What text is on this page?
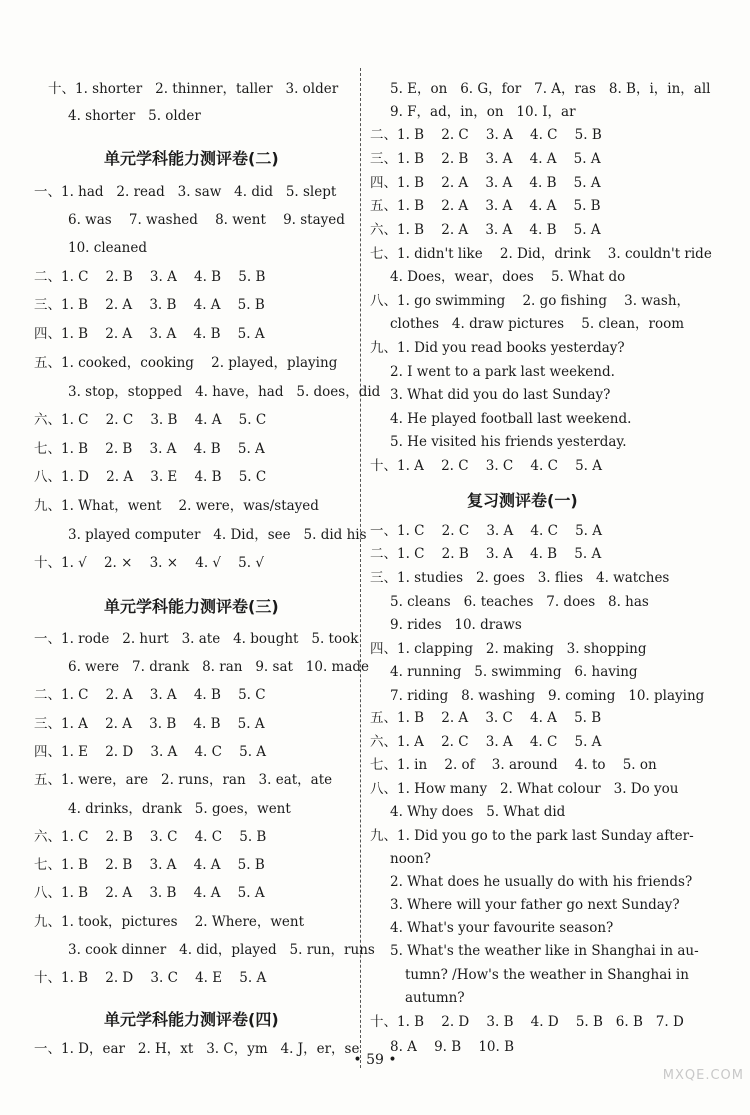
十、1. shorter   2. thinner，taller   3. older
4. shorter   5. older
单元学科能力测评卷(二)
一、1. had   2. read   3. saw   4. did   5. slept
6. was    7. washed    8. went    9. stayed
10. cleaned
二、1. C    2. B    3. A    4. B    5. B
三、1. B    2. A    3. B    4. A    5. B
四、1. B    2. A    3. A    4. B    5. A
五、1. cooked，cooking    2. played，playing
3. stop，stopped   4. have，had   5. does，did
六、1. C    2. C    3. B    4. A    5. C
七、1. B    2. B    3. A    4. B    5. A
八、1. D    2. A    3. E    4. B    5. C
九、1. What，went    2. were，was/stayed
3. played computer   4. Did，see   5. did his
十、1. √    2. ×    3. ×    4. √    5. √
单元学科能力测评卷(三)
一、1. rode   2. hurt   3. ate   4. bought   5. took
6. were   7. drank   8. ran   9. sat   10. made
二、1. C    2. A    3. A    4. B    5. C
三、1. A    2. A    3. B    4. B    5. A
四、1. E    2. D    3. A    4. C    5. A
五、1. were，are   2. runs，ran   3. eat，ate
4. drinks，drank   5. goes，went
六、1. C    2. B    3. C    4. C    5. B
七、1. B    2. B    3. A    4. A    5. B
八、1. B    2. A    3. B    4. A    5. A
九、1. took，pictures    2. Where，went
3. cook dinner   4. did，played   5. run，runs
十、1. B    2. D    3. C    4. E    5. A
单元学科能力测评卷(四)
一、1. D，ear   2. H，xt   3. C，ym   4. J，er，se
5. E，on   6. G，for   7. A，ras   8. B，i，in，all
9. F，ad，in，on   10. I，ar
二、1. B    2. C    3. A    4. C    5. B
三、1. B    2. B    3. A    4. A    5. A
四、1. B    2. A    3. A    4. B    5. A
五、1. B    2. A    3. A    4. A    5. B
六、1. B    2. A    3. A    4. B    5. A
七、1. didn't like    2. Did，drink    3. couldn't ride
4. Does，wear，does    5. What do
八、1. go swimming    2. go fishing    3. wash，
clothes   4. draw pictures    5. clean，room
九、1. Did you read books yesterday?
2. I went to a park last weekend.
3. What did you do last Sunday?
4. He played football last weekend.
5. He visited his friends yesterday.
十、1. A    2. C    3. C    4. C    5. A
复习测评卷(一)
一、1. C    2. C    3. A    4. C    5. A
二、1. C    2. B    3. A    4. B    5. A
三、1. studies   2. goes   3. flies   4. watches
5. cleans   6. teaches   7. does   8. has
9. rides   10. draws
四、1. clapping   2. making   3. shopping
4. running   5. swimming   6. having
7. riding   8. washing   9. coming   10. playing
五、1. B    2. A    3. C    4. A    5. B
六、1. A    2. C    3. A    4. C    5. A
七、1. in    2. of    3. around    4. to    5. on
八、1. How many   2. What colour   3. Do you
4. Why does   5. What did
九、1. Did you go to the park last Sunday after-
noon?
2. What does he usually do with his friends?
3. Where will your father go next Sunday?
4. What's your favourite season?
5. What's the weather like in Shanghai in au-
tumn? /How's the weather in Shanghai in
autumn?
十、1. B    2. D    3. B    4. D    5. B   6. B   7. D
8. A    9. B    10. B
• 59 •
MXQE.COM
